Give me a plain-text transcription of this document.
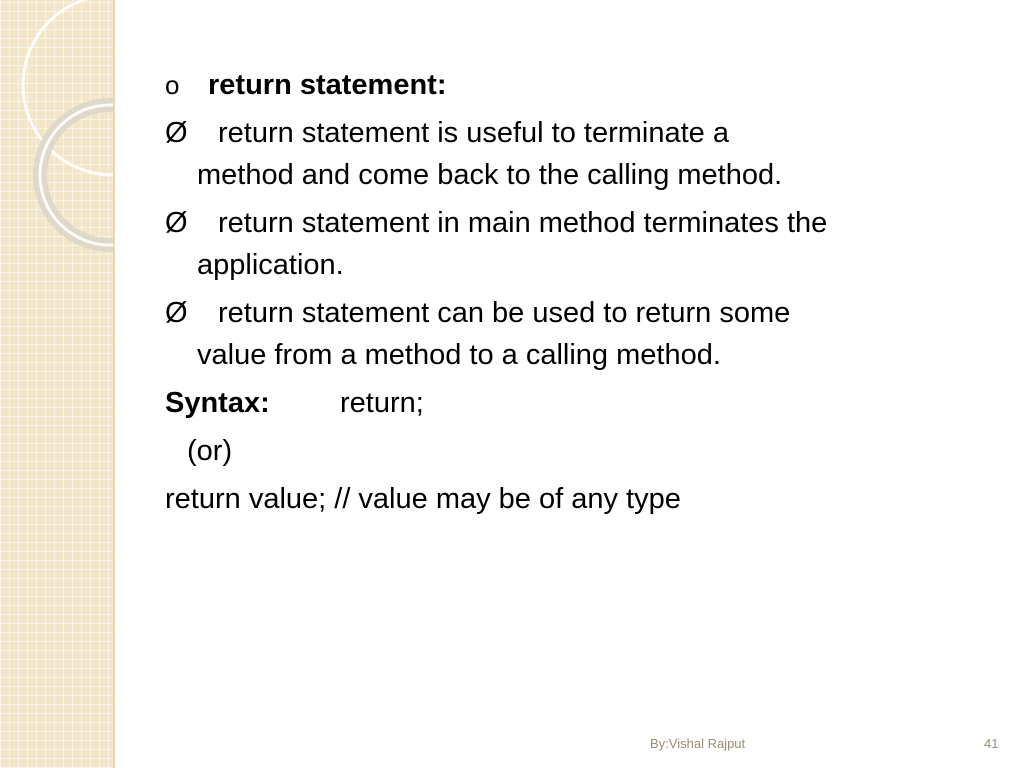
o return statement:
Ø return statement is useful to terminate a
method and come back to the calling method.
Ø return statement in main method terminates the
application.
Ø return statement can be used to return some
value from a method to a calling method.
Syntax: return;
(or)
return value; // value may be of any type
By:Vishal Rajput	41
